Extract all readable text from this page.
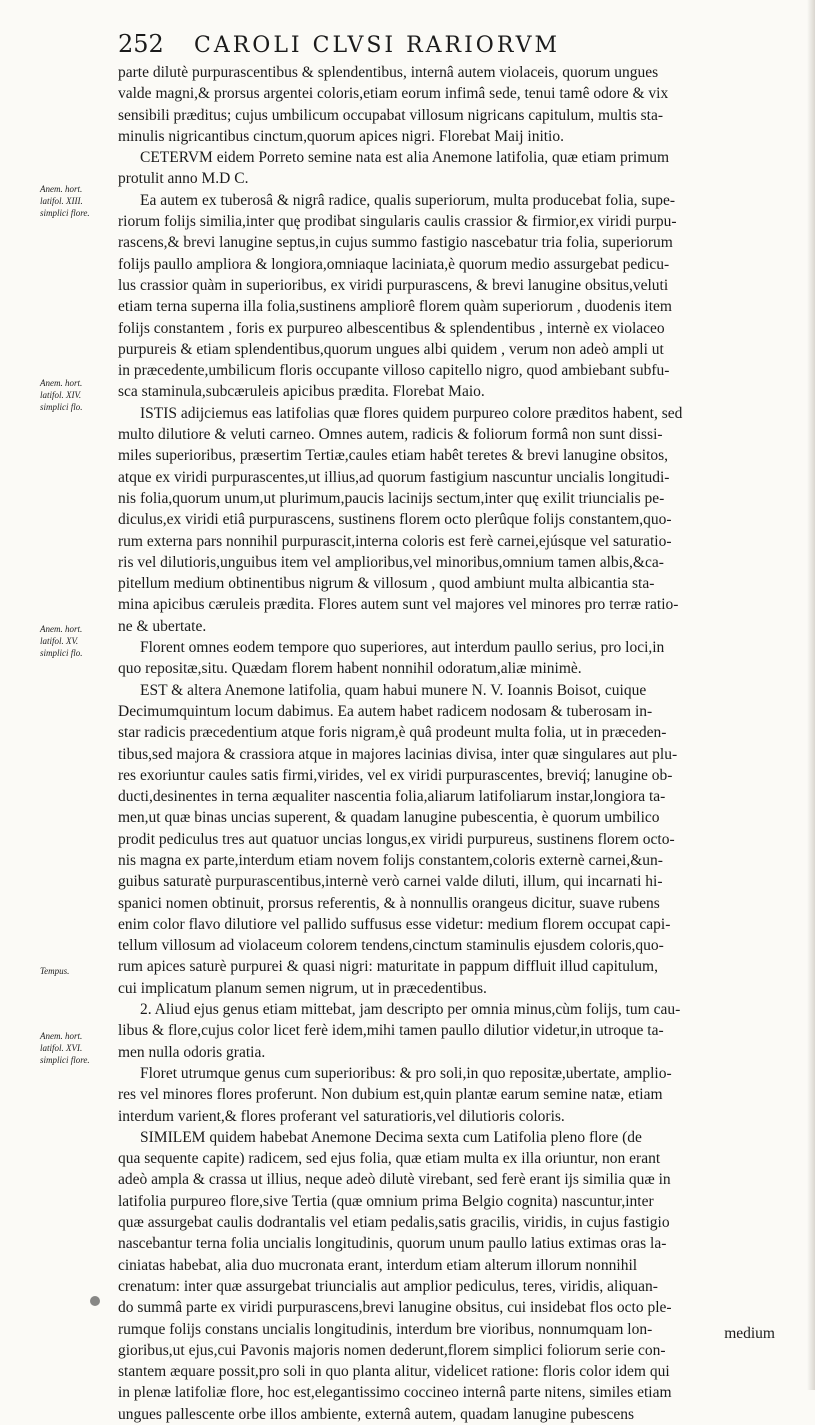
252	CAROLI CLVSI RARIORVM
Anem. hort.
latifol. XIII.
simplici flore.
Anem. hort.
latifol. XIV.
simplici flo.
Anem. hort.
latifol. XV.
simplici flo.
Tempus.
Anem. hort.
latifol. XVI.
simplici flore.
parte dilutè purpurascentibus & splendentibus, internâ autem violaceis, quorum ungues
valde magni,& prorsus argentei coloris,etiam eorum infimâ sede, tenui tamê odore & vix
sensibili præditus; cujus umbilicum occupabat villosum nigricans capitulum, multis sta-
minulis nigricantibus cinctum,quorum apices nigri. Florebat Maij initio.
CETERVM eidem Porreto semine nata est alia Anemone latifolia, quæ etiam primum
protulit anno M.D C.
Ea autem ex tuberosâ & nigrâ radice, qualis superiorum, multa producebat folia, supe-
riorum folijs similia,inter quę prodibat singularis caulis crassior & firmior,ex viridi purpu-
rascens,& brevi lanugine septus,in cujus summo fastigio nascebatur tria folia, superiorum
folijs paullo ampliora & longiora,omniaque laciniata,è quorum medio assurgebat pedicu-
lus crassior quàm in superioribus, ex viridi purpurascens, & brevi lanugine obsitus,veluti
etiam terna superna illa folia,sustinens ampliorê florem quàm superiorum , duodenis item
folijs constantem , foris ex purpureo albescentibus & splendentibus , internè ex violaceo
purpureis & etiam splendentibus,quorum ungues albi quidem , verum non adeò ampli ut
in præcedente,umbilicum floris occupante villoso capitello nigro, quod ambiebant subfu-
sca staminula,subcæruleis apicibus prædita. Florebat Maio.
ISTIS adijciemus eas latifolias quæ flores quidem purpureo colore præditos habent, sed
multo dilutiore & veluti carneo. Omnes autem, radicis & foliorum formâ non sunt dissi-
miles superioribus, præsertim Tertiæ,caules etiam habêt teretes & brevi lanugine obsitos,
atque ex viridi purpurascentes,ut illius,ad quorum fastigium nascuntur uncialis longitudi-
nis folia,quorum unum,ut plurimum,paucis lacinijs sectum,inter quę exilit triuncialis pe-
diculus,ex viridi etiâ purpurascens, sustinens florem octo plerûque folijs constantem,quo-
rum externa pars nonnihil purpurascit,interna coloris est ferè carnei,ejúsque vel saturatio-
ris vel dilutioris,unguibus item vel amplioribus,vel minoribus,omnium tamen albis,&ca-
pitellum medium obtinentibus nigrum & villosum , quod ambiunt multa albicantia sta-
mina apicibus cæruleis prædita. Flores autem sunt vel majores vel minores pro terræ ratio-
ne & ubertate.
Florent omnes eodem tempore quo superiores, aut interdum paullo serius, pro loci,in
quo repositæ,situ. Quædam florem habent nonnihil odoratum,aliæ minimè.
EST & altera Anemone latifolia, quam habui munere N. V. Ioannis Boisot, cuique
Decimumquintum locum dabimus. Ea autem habet radicem nodosam & tuberosam in-
star radicis præcedentium atque foris nigram,è quâ prodeunt multa folia, ut in præceden-
tibus,sed majora & crassiora atque in majores lacinias divisa, inter quæ singulares aut plu-
res exoriuntur caules satis firmi,virides, vel ex viridi purpurascentes, breviq́; lanugine ob-
ducti,desinentes in terna æqualiter nascentia folia,aliarum latifoliarum instar,longiora ta-
men,ut quæ binas uncias superent, & quadam lanugine pubescentia, è quorum umbilico
prodit pediculus tres aut quatuor uncias longus,ex viridi purpureus, sustinens florem octo-
nis magna ex parte,interdum etiam novem folijs constantem,coloris externè carnei,&un-
guibus saturatè purpurascentibus,internè verò carnei valde diluti, illum, qui incarnati hi-
spanici nomen obtinuit, prorsus referentis, & à nonnullis orangeus dicitur, suave rubens
enim color flavo dilutiore vel pallido suffusus esse videtur: medium florem occupat capi-
tellum villosum ad violaceum colorem tendens,cinctum staminulis ejusdem coloris,quo-
rum apices saturè purpurei & quasi nigri: maturitate in pappum diffluit illud capitulum,
cui implicatum planum semen nigrum, ut in præcedentibus.
2. Aliud ejus genus etiam mittebat, jam descripto per omnia minus,cùm folijs, tum cau-
libus & flore,cujus color licet ferè idem,mihi tamen paullo dilutior videtur,in utroque ta-
men nulla odoris gratia.
Floret utrumque genus cum superioribus: & pro soli,in quo repositæ,ubertate, amplio-
res vel minores flores proferunt. Non dubium est,quin plantæ earum semine natæ, etiam
interdum varient,& flores proferant vel saturatioris,vel dilutioris coloris.
SIMILEM quidem habebat Anemone Decima sexta cum Latifolia pleno flore (de
qua sequente capite) radicem, sed ejus folia, quæ etiam multa ex illa oriuntur, non erant
adeò ampla & crassa ut illius, neque adeò dilutè virebant, sed ferè erant ijs similia quæ in
latifolia purpureo flore,sive Tertia (quæ omnium prima Belgio cognita) nascuntur,inter
quæ assurgebat caulis dodrantalis vel etiam pedalis,satis gracilis, viridis, in cujus fastigio
nascebantur terna folia uncialis longitudinis, quorum unum paullo latius extimas oras la-
ciniatas habebat, alia duo mucronata erant, interdum etiam alterum illorum nonnihil
crenatum: inter quæ assurgebat triuncialis aut amplior pediculus, teres, viridis, aliquan-
do summâ parte ex viridi purpurascens,brevi lanugine obsitus, cui insidebat flos octo ple-
rumque folijs constans uncialis longitudinis, interdum bre vioribus, nonnumquam lon-
gioribus,ut ejus,cui Pavonis majoris nomen dederunt,florem simplici foliorum serie con-
stantem æquare possit,pro soli in quo planta alitur, videlicet ratione: floris color idem qui
in plenæ latifoliæ flore, hoc est,elegantissimo coccineo internâ parte nitens, similes etiam
ungues pallescente orbe illos ambiente, externâ autem, quadam lanugine pubescens
medium
